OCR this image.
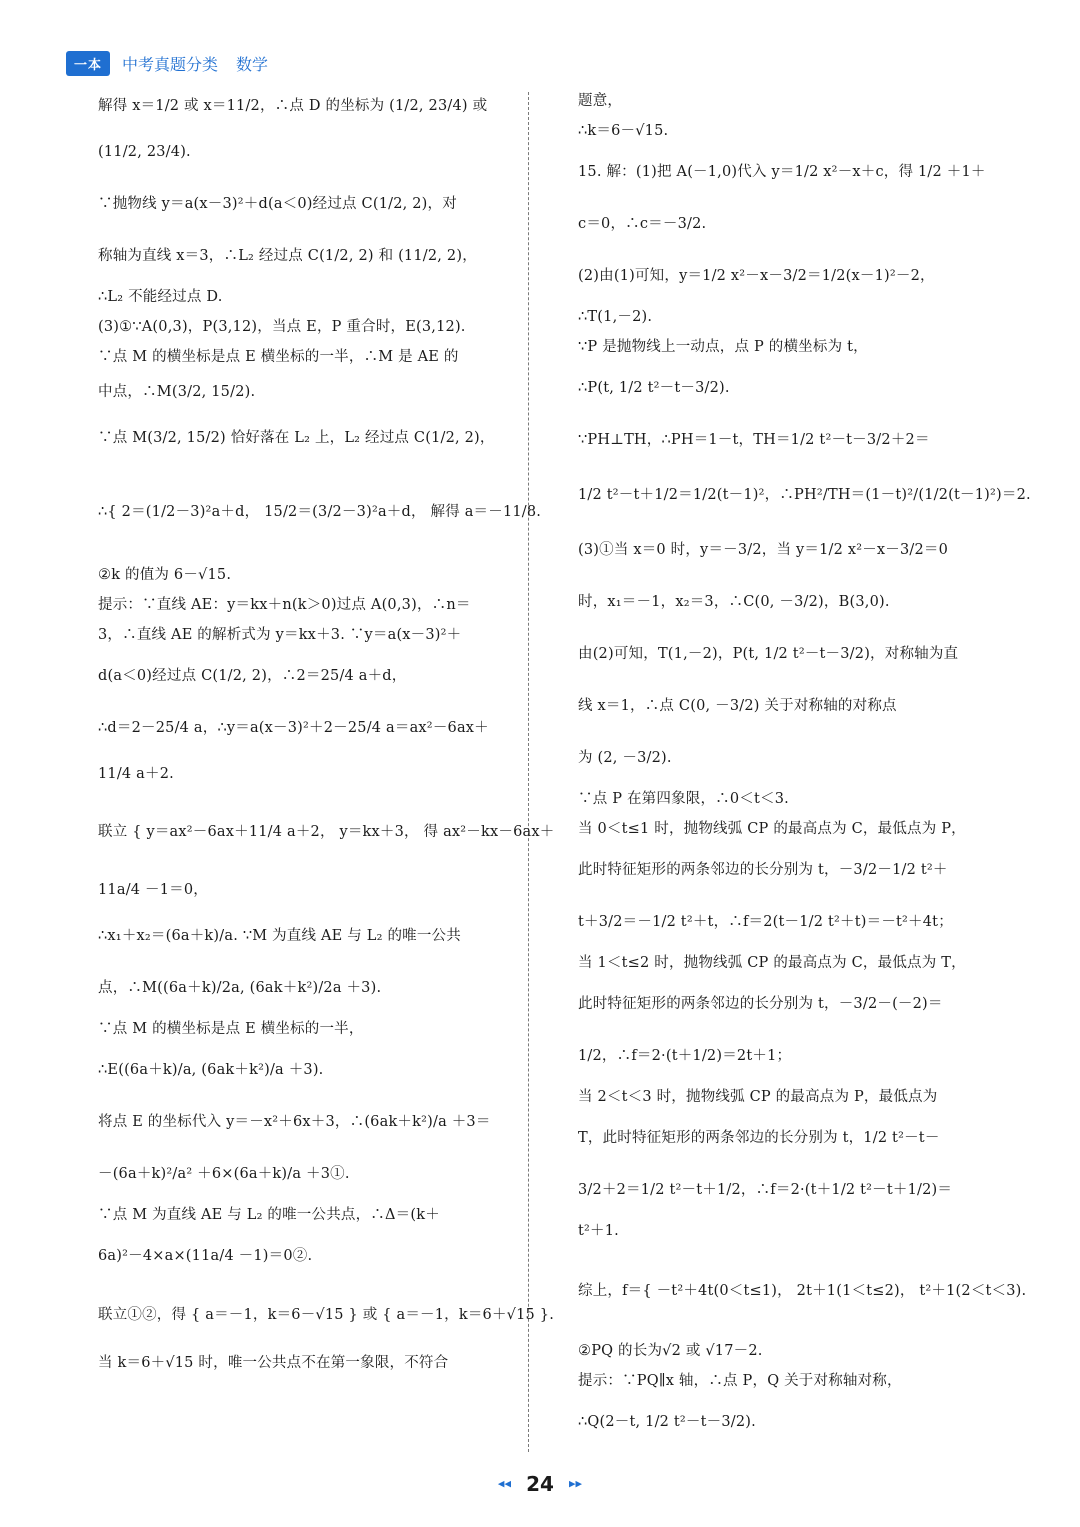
一本	中考真题分类 数学
解得 x＝1/2 或 x＝11/2，∴点 D 的坐标为 (1/2, 23/4) 或
(11/2, 23/4).
∵抛物线 y＝a(x－3)²＋d(a＜0)经过点 C(1/2, 2)，对
称轴为直线 x＝3，∴L₂ 经过点 C(1/2, 2) 和 (11/2, 2)，
∴L₂ 不能经过点 D.
(3)①∵A(0,3)，P(3,12)，当点 E，P 重合时，E(3,12).
∵点 M 的横坐标是点 E 横坐标的一半，∴M 是 AE 的
中点，∴M(3/2, 15/2).
∵点 M(3/2, 15/2) 恰好落在 L₂ 上，L₂ 经过点 C(1/2, 2)，
∴{ 2＝(1/2－3)²a＋d， 15/2＝(3/2－3)²a＋d， 解得 a＝－11/8.
②k 的值为 6－√15.
提示：∵直线 AE：y＝kx＋n(k＞0)过点 A(0,3)，∴n＝
3，∴直线 AE 的解析式为 y＝kx＋3. ∵y＝a(x－3)²＋
d(a＜0)经过点 C(1/2, 2)，∴2＝25/4 a＋d，
∴d＝2－25/4 a，∴y＝a(x－3)²＋2－25/4 a＝ax²－6ax＋
11/4 a＋2.
联立 { y＝ax²－6ax＋11/4 a＋2， y＝kx＋3， 得 ax²－kx－6ax＋
11a/4 －1＝0，
∴x₁＋x₂＝(6a＋k)/a. ∵M 为直线 AE 与 L₂ 的唯一公共
点，∴M((6a＋k)/2a, (6ak＋k²)/2a ＋3).
∵点 M 的横坐标是点 E 横坐标的一半，
∴E((6a＋k)/a, (6ak＋k²)/a ＋3).
将点 E 的坐标代入 y＝－x²＋6x＋3，∴(6ak＋k²)/a ＋3＝
－(6a＋k)²/a² ＋6×(6a＋k)/a ＋3①.
∵点 M 为直线 AE 与 L₂ 的唯一公共点，∴Δ＝(k＋
6a)²－4×a×(11a/4 －1)＝0②.
联立①②，得 { a＝－1，k＝6－√15 } 或 { a＝－1，k＝6＋√15 }.
当 k＝6＋√15 时，唯一公共点不在第一象限，不符合
题意，
∴k＝6－√15.
15. 解：(1)把 A(－1,0)代入 y＝1/2 x²－x＋c，得 1/2 ＋1＋
c＝0，∴c＝－3/2.
(2)由(1)可知，y＝1/2 x²－x－3/2＝1/2(x－1)²－2，
∴T(1,－2).
∵P 是抛物线上一动点，点 P 的横坐标为 t，
∴P(t, 1/2 t²－t－3/2).
∵PH⊥TH，∴PH＝1－t，TH＝1/2 t²－t－3/2＋2＝
1/2 t²－t＋1/2＝1/2(t－1)²，∴PH²/TH＝(1－t)²/(1/2(t－1)²)＝2.
(3)①当 x＝0 时，y＝－3/2，当 y＝1/2 x²－x－3/2＝0
时，x₁＝－1，x₂＝3，∴C(0, －3/2)，B(3,0).
由(2)可知，T(1,－2)，P(t, 1/2 t²－t－3/2)，对称轴为直
线 x＝1，∴点 C(0, －3/2) 关于对称轴的对称点
为 (2, －3/2).
∵点 P 在第四象限，∴0＜t＜3.
当 0＜t≤1 时，抛物线弧 CP 的最高点为 C，最低点为 P，
此时特征矩形的两条邻边的长分别为 t，－3/2－1/2 t²＋
t＋3/2＝－1/2 t²＋t，∴f＝2(t－1/2 t²＋t)＝－t²＋4t；
当 1＜t≤2 时，抛物线弧 CP 的最高点为 C，最低点为 T，
此时特征矩形的两条邻边的长分别为 t，－3/2－(－2)＝
1/2，∴f＝2·(t＋1/2)＝2t＋1；
当 2＜t＜3 时，抛物线弧 CP 的最高点为 P，最低点为
T，此时特征矩形的两条邻边的长分别为 t，1/2 t²－t－
3/2＋2＝1/2 t²－t＋1/2，∴f＝2·(t＋1/2 t²－t＋1/2)＝
t²＋1.
综上，f＝{ －t²＋4t(0＜t≤1)， 2t＋1(1＜t≤2)， t²＋1(2＜t＜3).
②PQ 的长为√2 或 √17－2.
提示：∵PQ∥x 轴，∴点 P，Q 关于对称轴对称，
∴Q(2－t, 1/2 t²－t－3/2).
◂◂ 24 ▸▸
